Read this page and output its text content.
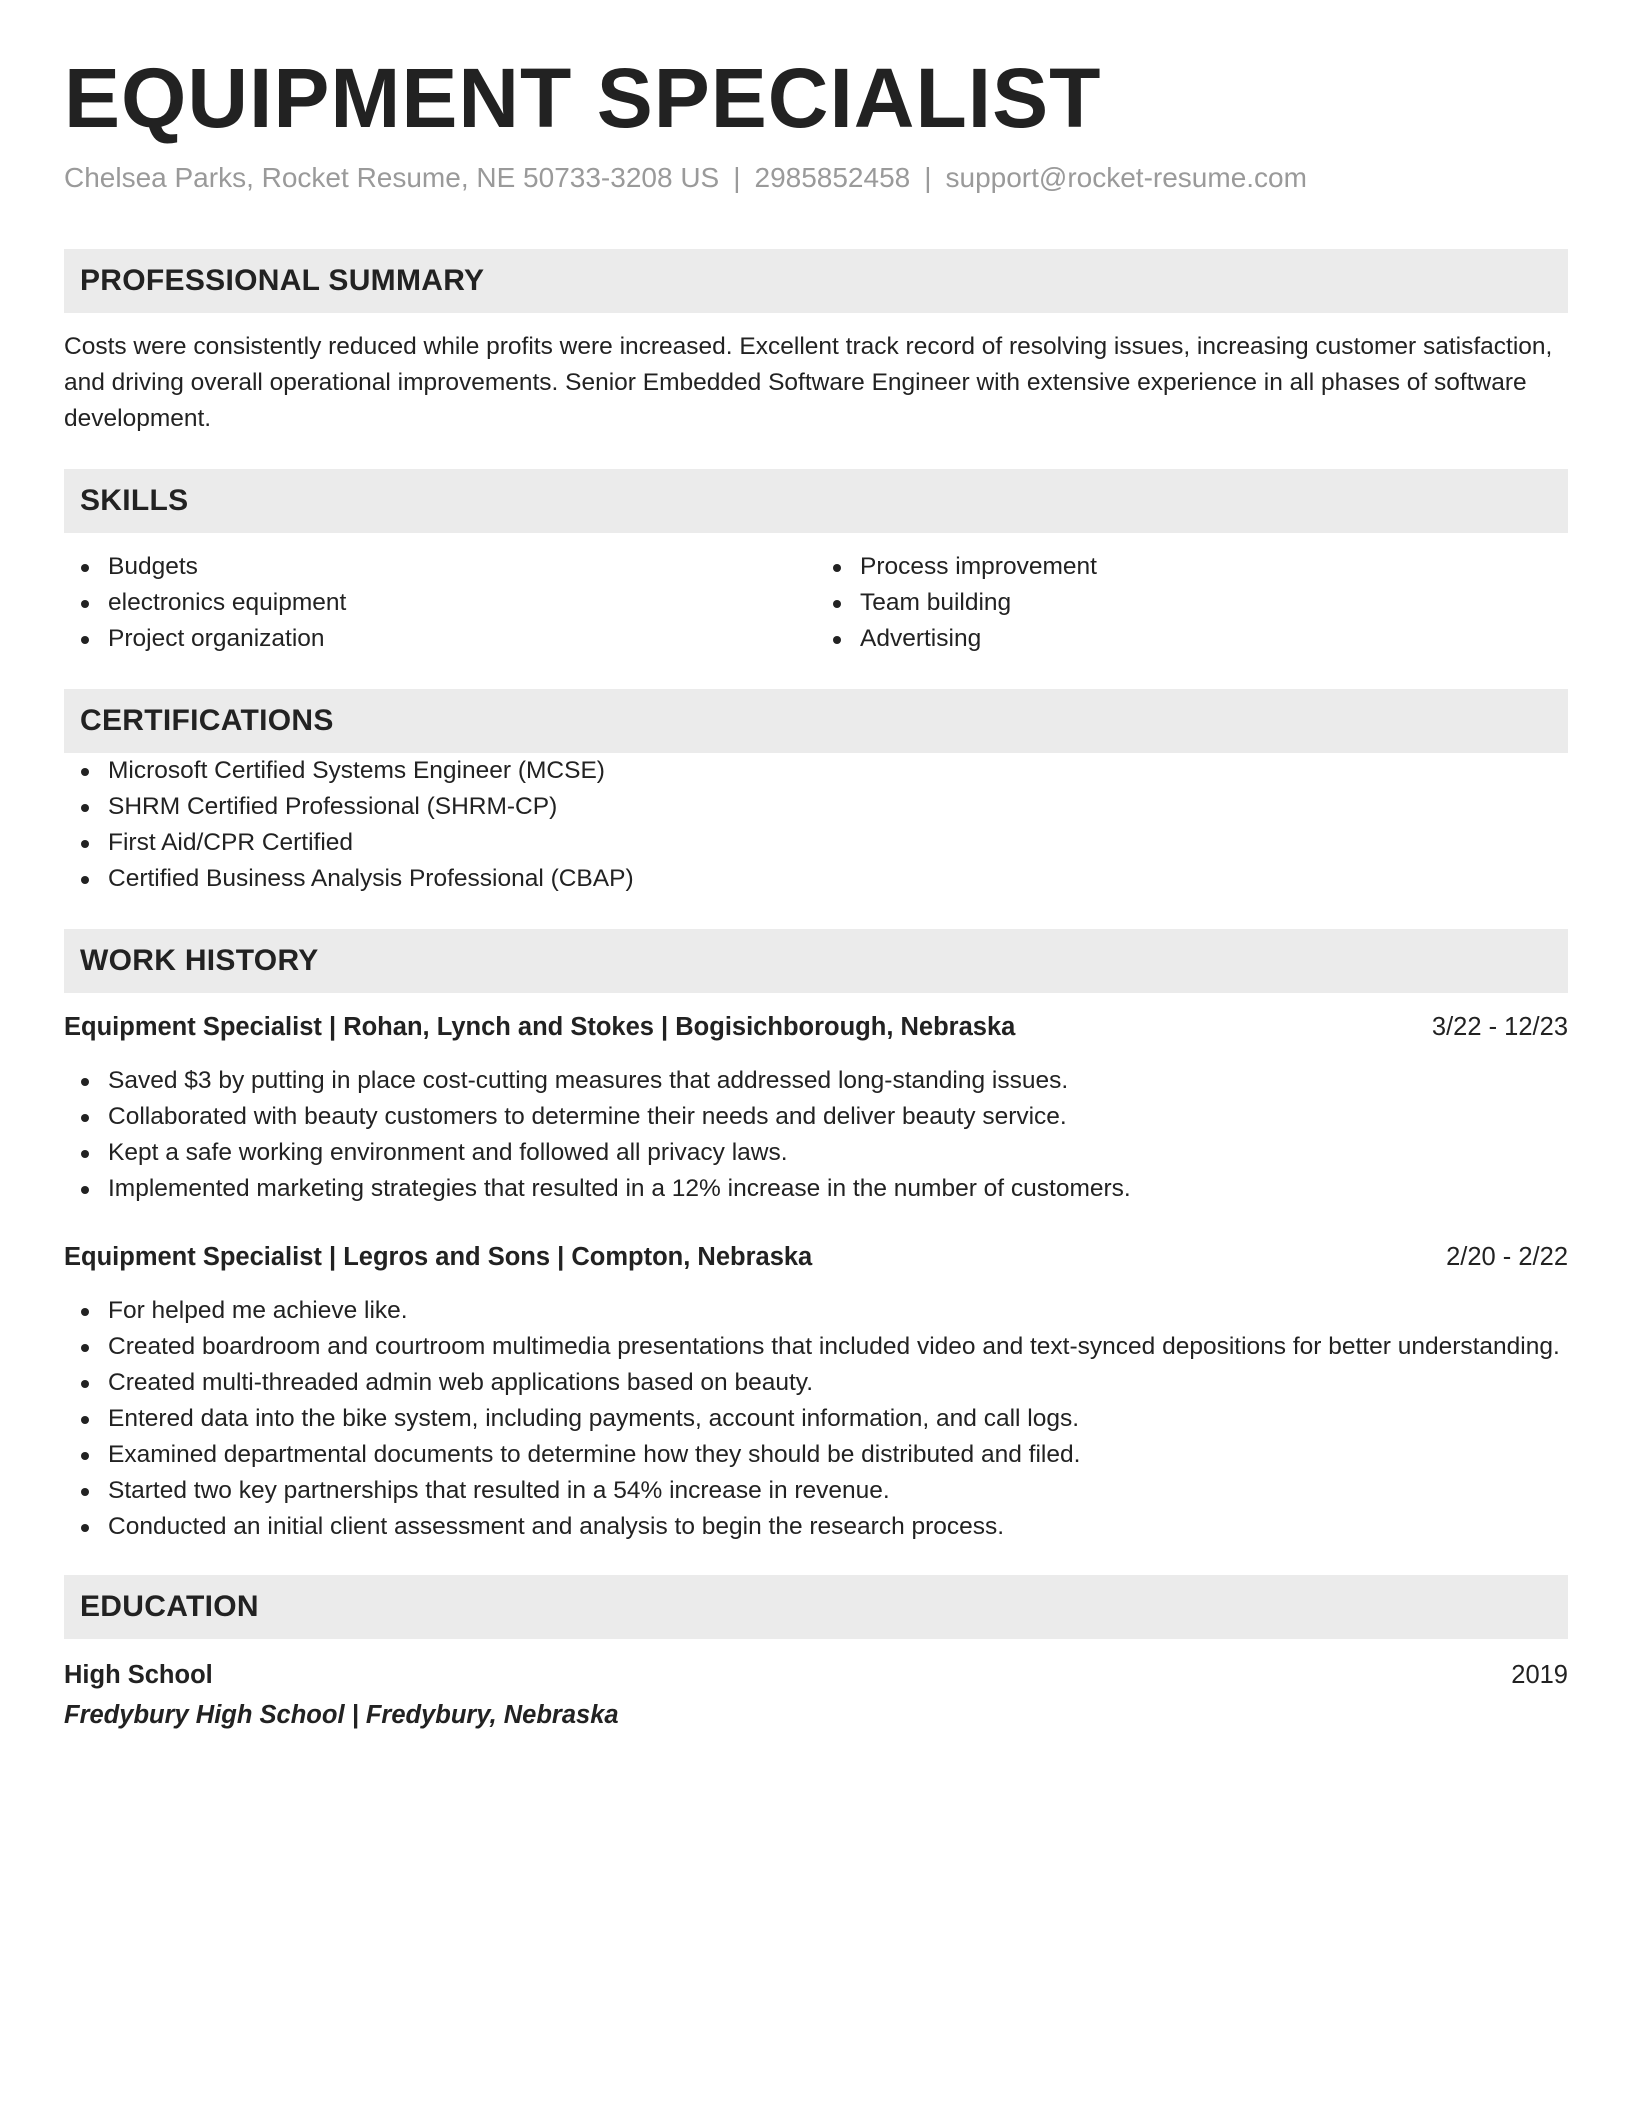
EQUIPMENT SPECIALIST
Chelsea Parks, Rocket Resume, NE 50733-3208 US | 2985852458 | support@rocket-resume.com
PROFESSIONAL SUMMARY
Costs were consistently reduced while profits were increased. Excellent track record of resolving issues, increasing customer satisfaction, and driving overall operational improvements. Senior Embedded Software Engineer with extensive experience in all phases of software development.
SKILLS
Budgets
electronics equipment
Project organization
Process improvement
Team building
Advertising
CERTIFICATIONS
Microsoft Certified Systems Engineer (MCSE)
SHRM Certified Professional (SHRM-CP)
First Aid/CPR Certified
Certified Business Analysis Professional (CBAP)
WORK HISTORY
Equipment Specialist | Rohan, Lynch and Stokes | Bogisichborough, Nebraska	3/22 - 12/23
Saved $3 by putting in place cost-cutting measures that addressed long-standing issues.
Collaborated with beauty customers to determine their needs and deliver beauty service.
Kept a safe working environment and followed all privacy laws.
Implemented marketing strategies that resulted in a 12% increase in the number of customers.
Equipment Specialist | Legros and Sons | Compton, Nebraska	2/20 - 2/22
For helped me achieve like.
Created boardroom and courtroom multimedia presentations that included video and text-synced depositions for better understanding.
Created multi-threaded admin web applications based on beauty.
Entered data into the bike system, including payments, account information, and call logs.
Examined departmental documents to determine how they should be distributed and filed.
Started two key partnerships that resulted in a 54% increase in revenue.
Conducted an initial client assessment and analysis to begin the research process.
EDUCATION
High School	2019
Fredybury High School | Fredybury, Nebraska
